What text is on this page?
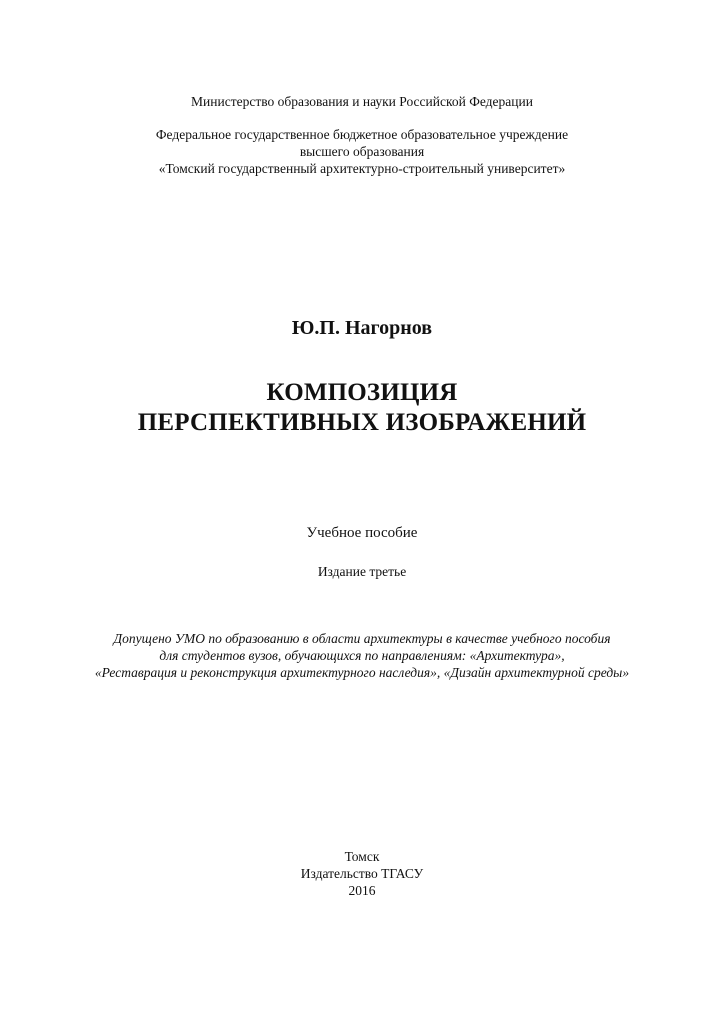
Министерство образования и науки Российской Федерации
Федеральное государственное бюджетное образовательное учреждение
высшего образования
«Томский государственный архитектурно-строительный университет»
Ю.П. Нагорнов
КОМПОЗИЦИЯ
ПЕРСПЕКТИВНЫХ ИЗОБРАЖЕНИЙ
Учебное пособие
Издание третье
Допущено УМО по образованию в области архитектуры в качестве учебного пособия
для студентов вузов, обучающихся по направлениям: «Архитектура»,
«Реставрация и реконструкция архитектурного наследия», «Дизайн архитектурной среды»
Томск
Издательство ТГАСУ
2016
